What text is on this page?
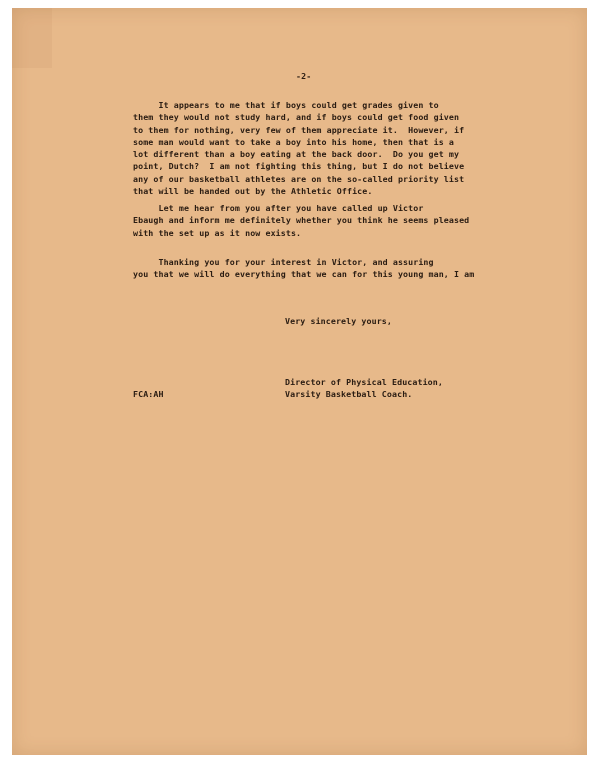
-2-

It appears to me that if boys could get grades given to
them they would not study hard, and if boys could get food given
to them for nothing, very few of them appreciate it.  However, if
some man would want to take a boy into his home, then that is a
lot different than a boy eating at the back door.  Do you get my
point, Dutch?  I am not fighting this thing, but I do not believe
any of our basketball athletes are on the so-called priority list
that will be handed out by the Athletic Office.

Let me hear from you after you have called up Victor
Ebaugh and inform me definitely whether you think he seems pleased
with the set up as it now exists.

Thanking you for your interest in Victor, and assuring
you that we will do everything that we can for this young man, I am

Very sincerely yours,

Director of Physical Education,
Varsity Basketball Coach.

FCA:AH
